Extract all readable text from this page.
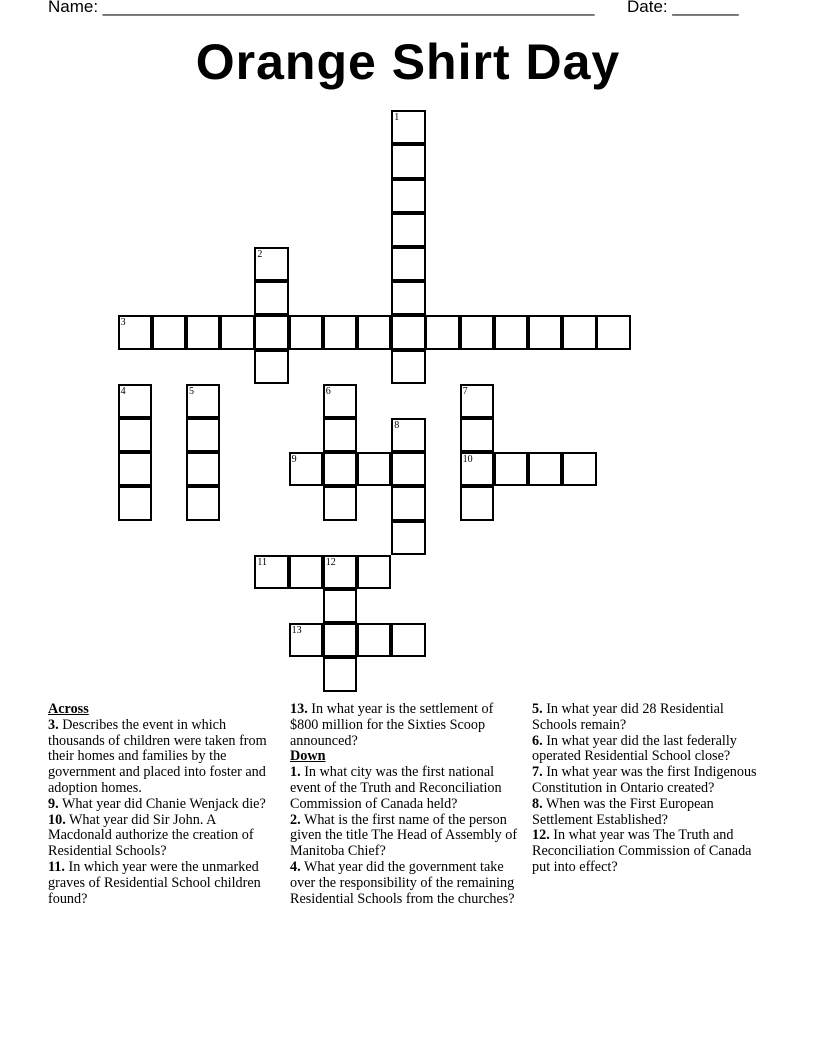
Name: ____________________________________________________ Date: _______
Orange Shirt Day
1
2
3
4	5	6	7
10
8
9
11	12
13
Across
3. Describes the event in which thousands of children were taken from their homes and families by the government and placed into foster and adoption homes.
9. What year did Chanie Wenjack die?
10. What year did Sir John. A Macdonald authorize the creation of Residential Schools?
11. In which year were the unmarked graves of Residential School children found?
13. In what year is the settlement of $800 million for the Sixties Scoop announced?
Down
1. In what city was the first national event of the Truth and Reconciliation Commission of Canada held?
2. What is the first name of the person given the title The Head of Assembly of Manitoba Chief?
4. What year did the government take over the responsibility of the remaining Residential Schools from the churches?
5. In what year did 28 Residential Schools remain?
6. In what year did the last federally operated Residential School close?
7. In what year was the first Indigenous Constitution in Ontario created?
8. When was the First European Settlement Established?
12. In what year was The Truth and Reconciliation Commission of Canada put into effect?
